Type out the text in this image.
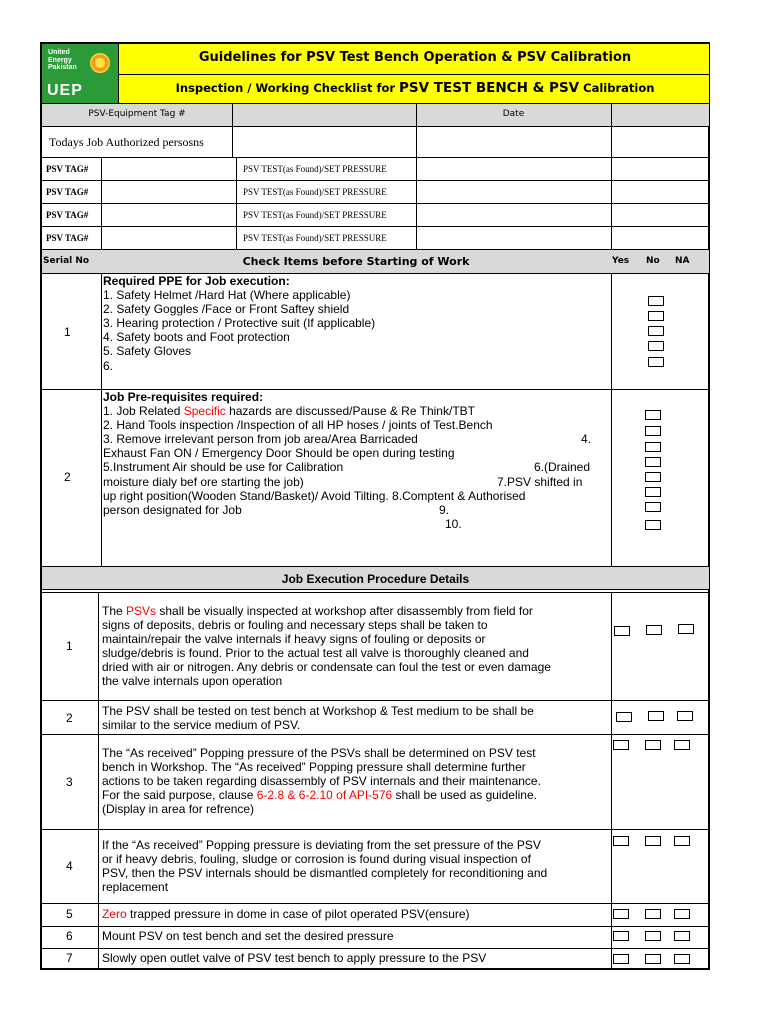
United
Energy
Pakistan
UEP
Guidelines for PSV Test Bench Operation & PSV Calibration
Inspection / Working Checklist for PSV TEST BENCH & PSV Calibration
PSV-Equipment Tag #	Date
Todays Job Authorized persosns
PSV TAG#	PSV TEST(as Found)/SET PRESSURE
PSV TAG#	PSV TEST(as Found)/SET PRESSURE
PSV TAG#	PSV TEST(as Found)/SET PRESSURE
PSV TAG#	PSV TEST(as Found)/SET PRESSURE
Serial No	Check Items before Starting of Work	Yes No NA
1
Required PPE for Job execution:
1. Safety Helmet /Hard Hat (Where applicable)
2. Safety Goggles /Face or Front Saftey shield
3. Hearing protection / Protective suit (If applicable)
4. Safety boots and Foot protection
5. Safety Gloves
6.
2
Job Pre-requisites required:
1. Job Related Specific hazards are discussed/Pause & Re Think/TBT
2. Hand Tools inspection /Inspection of all HP hoses / joints of Test.Bench
3. Remove irrelevant person from job area/Area Barricaded	4.
Exhaust Fan ON / Emergency Door Should be open during testing
5.Instrument Air should be use for Calibration	6.(Drained
moisture dialy bef ore starting the job)	7.PSV shifted in
up right position(Wooden Stand/Basket)/ Avoid Tilting. 8.Comptent & Authorised
person designated for Job	9.
10.
Job Execution Procedure Details
1
The PSVs shall be visually inspected at workshop after disassembly from field for
signs of deposits, debris or fouling and necessary steps shall be taken to
maintain/repair the valve internals if heavy signs of fouling or deposits or
sludge/debris is found. Prior to the actual test all valve is thoroughly cleaned and
dried with air or nitrogen. Any debris or condensate can foul the test or even damage
the valve internals upon operation
2 The PSV shall be tested on test bench at Workshop & Test medium to be shall be
similar to the service medium of PSV.
3
The “As received” Popping pressure of the PSVs shall be determined on PSV test
bench in Workshop. The “As received” Popping pressure shall determine further
actions to be taken regarding disassembly of PSV internals and their maintenance.
For the said purpose, clause 6-2.8 & 6-2.10 of API-576 shall be used as guideline.
(Display in area for refrence)
4
If the “As received” Popping pressure is deviating from the set pressure of the PSV
or if heavy debris, fouling, sludge or corrosion is found during visual inspection of
PSV, then the PSV internals should be dismantled completely for reconditioning and
replacement
5 Zero trapped pressure in dome in case of pilot operated PSV(ensure)
6 Mount PSV on test bench and set the desired pressure
7 Slowly open outlet valve of PSV test bench to apply pressure to the PSV
